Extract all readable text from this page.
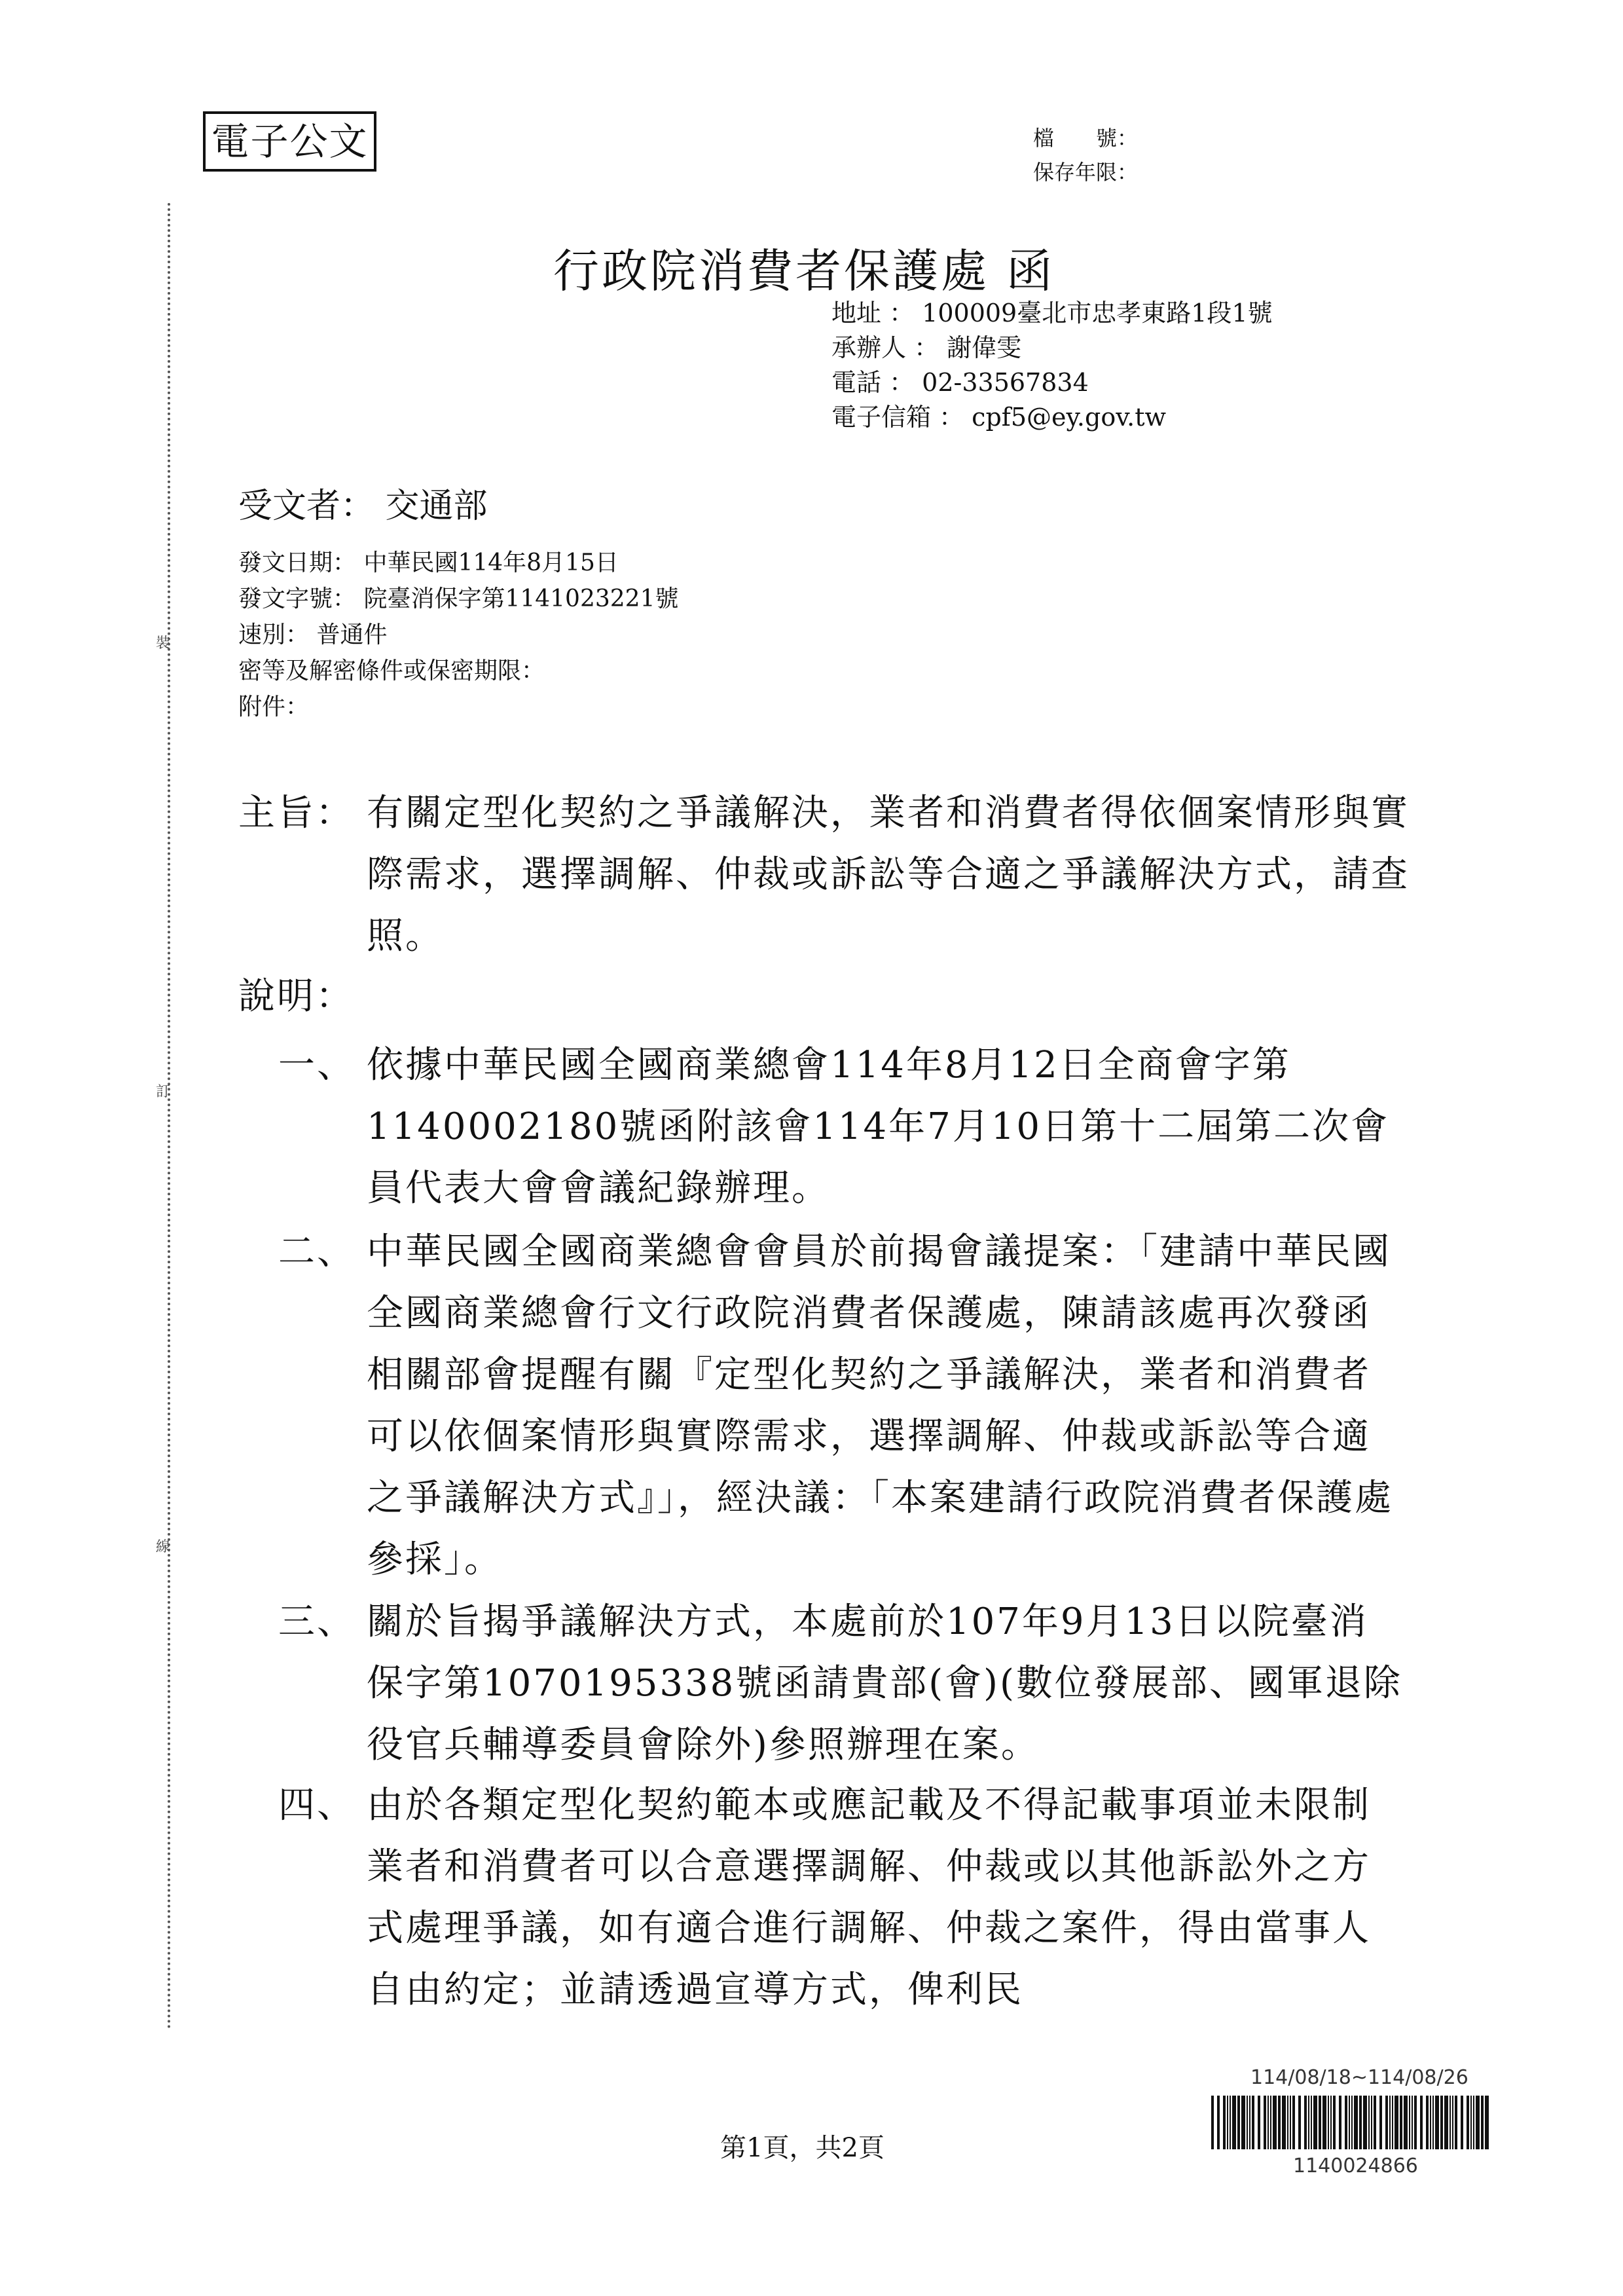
電子公文	檔　　號：
保存年限：
裝
訂
線
行政院消費者保護處 函
地址 ： 100009臺北市忠孝東路1段1號
承辦人 ： 謝偉雯
電話 ： 02-33567834
電子信箱 ： cpf5@ey.gov.tw
受文者： 交通部
發文日期： 中華民國114年8月15日
發文字號： 院臺消保字第1141023221號
速別： 普通件
密等及解密條件或保密期限：
附件：
主旨： 有關定型化契約之爭議解決，業者和消費者得依個案情形與實際需求，選擇調解、仲裁或訴訟等合適之爭議解決方式，請查照。
說明：
一、 依據中華民國全國商業總會114年8月12日全商會字第1140002180號函附該會114年7月10日第十二屆第二次會員代表大會會議紀錄辦理。
二、 中華民國全國商業總會會員於前揭會議提案：「建請中華民國全國商業總會行文行政院消費者保護處，陳請該處再次發函相關部會提醒有關『定型化契約之爭議解決，業者和消費者可以依個案情形與實際需求，選擇調解、仲裁或訴訟等合適之爭議解決方式』」，經決議：「本案建請行政院消費者保護處參採」。
三、 關於旨揭爭議解決方式，本處前於107年9月13日以院臺消保字第1070195338號函請貴部(會)(數位發展部、國軍退除役官兵輔導委員會除外)參照辦理在案。
四、 由於各類定型化契約範本或應記載及不得記載事項並未限制業者和消費者可以合意選擇調解、仲裁或以其他訴訟外之方式處理爭議，如有適合進行調解、仲裁之案件，得由當事人自由約定；並請透過宣導方式，俾利民
114/08/18~114/08/26
1140024866
第1頁，共2頁
